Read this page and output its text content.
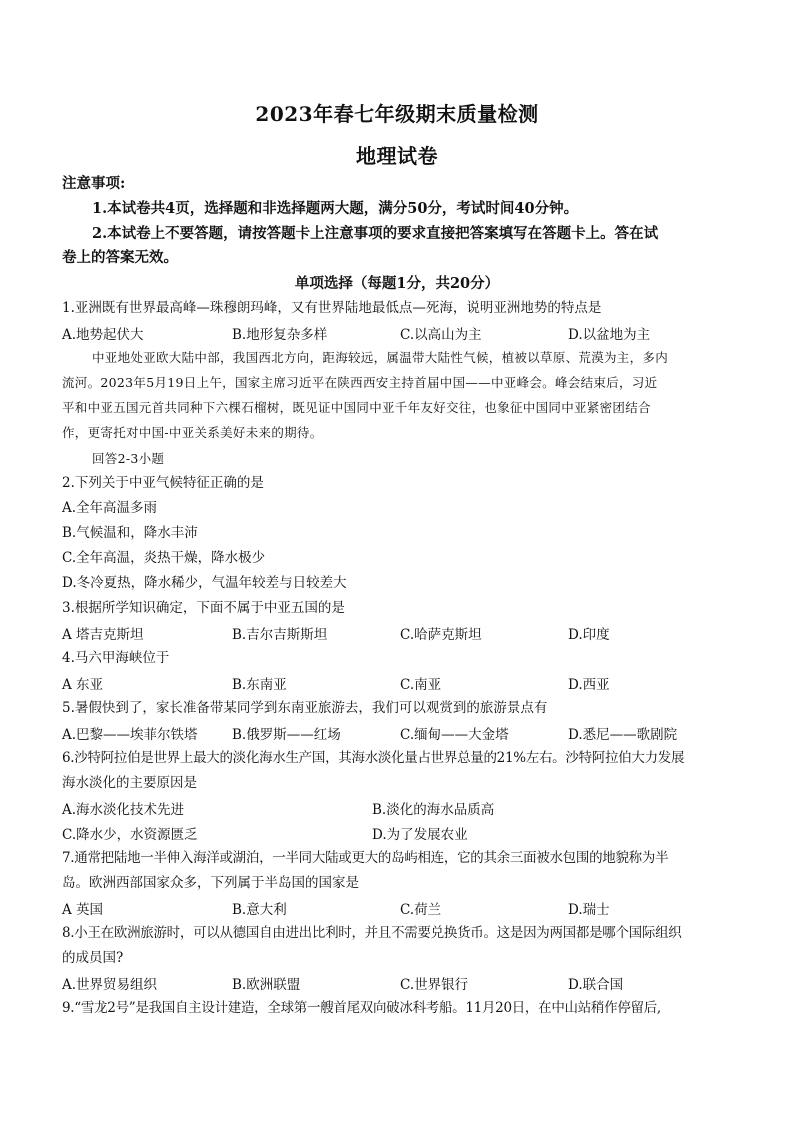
2023年春七年级期末质量检测
地理试卷
注意事项:
1.本试卷共4页，选择题和非选择题两大题，满分50分，考试时间40分钟。
2.本试卷上不要答题，请按答题卡上注意事项的要求直接把答案填写在答题卡上。答在试
卷上的答案无效。
单项选择（每题1分，共20分）
1.亚洲既有世界最高峰—珠穆朗玛峰，又有世界陆地最低点—死海，说明亚洲地势的特点是
A.地势起伏大	B.地形复杂多样	C.以高山为主	D.以盆地为主
中亚地处亚欧大陆中部，我国西北方向，距海较远，属温带大陆性气候，植被以草原、荒漠为主，多内
流河。2023年5月19日上午，国家主席习近平在陕西西安主持首届中国——中亚峰会。峰会结束后，习近
平和中亚五国元首共同种下六棵石榴树，既见证中国同中亚千年友好交往，也象征中国同中亚紧密团结合
作，更寄托对中国-中亚关系美好未来的期待。
回答2-3小题
2.下列关于中亚气候特征正确的是
A.全年高温多雨
B.气候温和，降水丰沛
C.全年高温，炎热干燥，降水极少
D.冬冷夏热，降水稀少，气温年较差与日较差大
3.根据所学知识确定，下面不属于中亚五国的是
A 塔吉克斯坦	B.吉尔吉斯斯坦	C.哈萨克斯坦	D.印度
4.马六甲海峡位于
A 东亚	B.东南亚	C.南亚	D.西亚
5.暑假快到了，家长准备带某同学到东南亚旅游去，我们可以观赏到的旅游景点有
A.巴黎——埃菲尔铁塔	B.俄罗斯——红场	C.缅甸——大金塔	D.悉尼——歌剧院
6.沙特阿拉伯是世界上最大的淡化海水生产国，其海水淡化量占世界总量的21%左右。沙特阿拉伯大力发展
海水淡化的主要原因是
A.海水淡化技术先进	B.淡化的海水品质高
C.降水少，水资源匮乏	D.为了发展农业
7.通常把陆地一半伸入海洋或湖泊，一半同大陆或更大的岛屿相连，它的其余三面被水包围的地貌称为半
岛。欧洲西部国家众多，下列属于半岛国的国家是
A 英国	B.意大利	C.荷兰	D.瑞士
8.小王在欧洲旅游时，可以从德国自由进出比利时，并且不需要兑换货币。这是因为两国都是哪个国际组织
的成员国?
A.世界贸易组织	B.欧洲联盟	C.世界银行	D.联合国
9.“雪龙2号”是我国自主设计建造，全球第一艘首尾双向破冰科考船。11月20日，在中山站稍作停留后,
